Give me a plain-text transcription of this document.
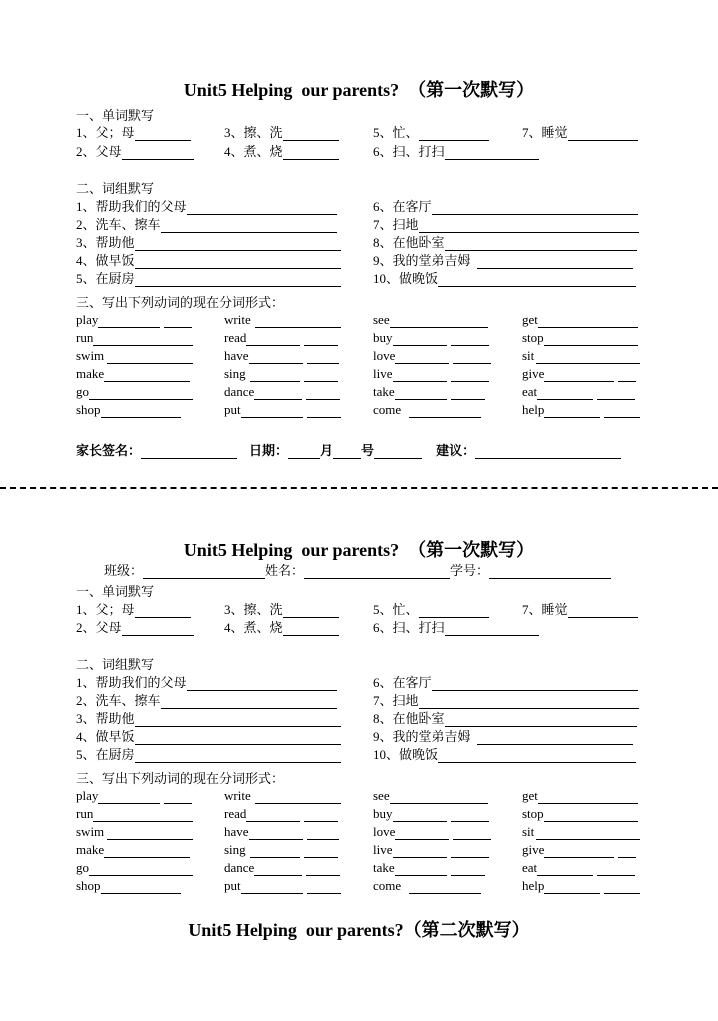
Unit5 Helping  our parents?  （第一次默写）
一、单词默写
1、父；母	3、擦、洗	5、忙、	7、睡觉
2、父母	4、煮、烧	6、扫、打扫
二、词组默写
1、帮助我们的父母	6、在客厅
2、洗车、擦车	7、扫地
3、帮助他	8、在他卧室
4、做早饭	9、我的堂弟吉姆
5、在厨房	10、做晚饭
三、写出下列动词的现在分词形式：
play	write	see	get
run	read	buy	stop
swim	have	love	sit
make	sing	live	give
go	dance	take	eat
shop	put	come	help
家长签名：	日期： 月 号	建议：
Unit5 Helping  our parents?  （第一次默写）
班级：	姓名：	学号：
一、单词默写
1、父；母	3、擦、洗	5、忙、	7、睡觉
2、父母	4、煮、烧	6、扫、打扫
二、词组默写
1、帮助我们的父母	6、在客厅
2、洗车、擦车	7、扫地
3、帮助他	8、在他卧室
4、做早饭	9、我的堂弟吉姆
5、在厨房	10、做晚饭
三、写出下列动词的现在分词形式：
play	write	see	get
run	read	buy	stop
swim	have	love	sit
make	sing	live	give
go	dance	take	eat
shop	put	come	help
Unit5 Helping  our parents?（第二次默写）
